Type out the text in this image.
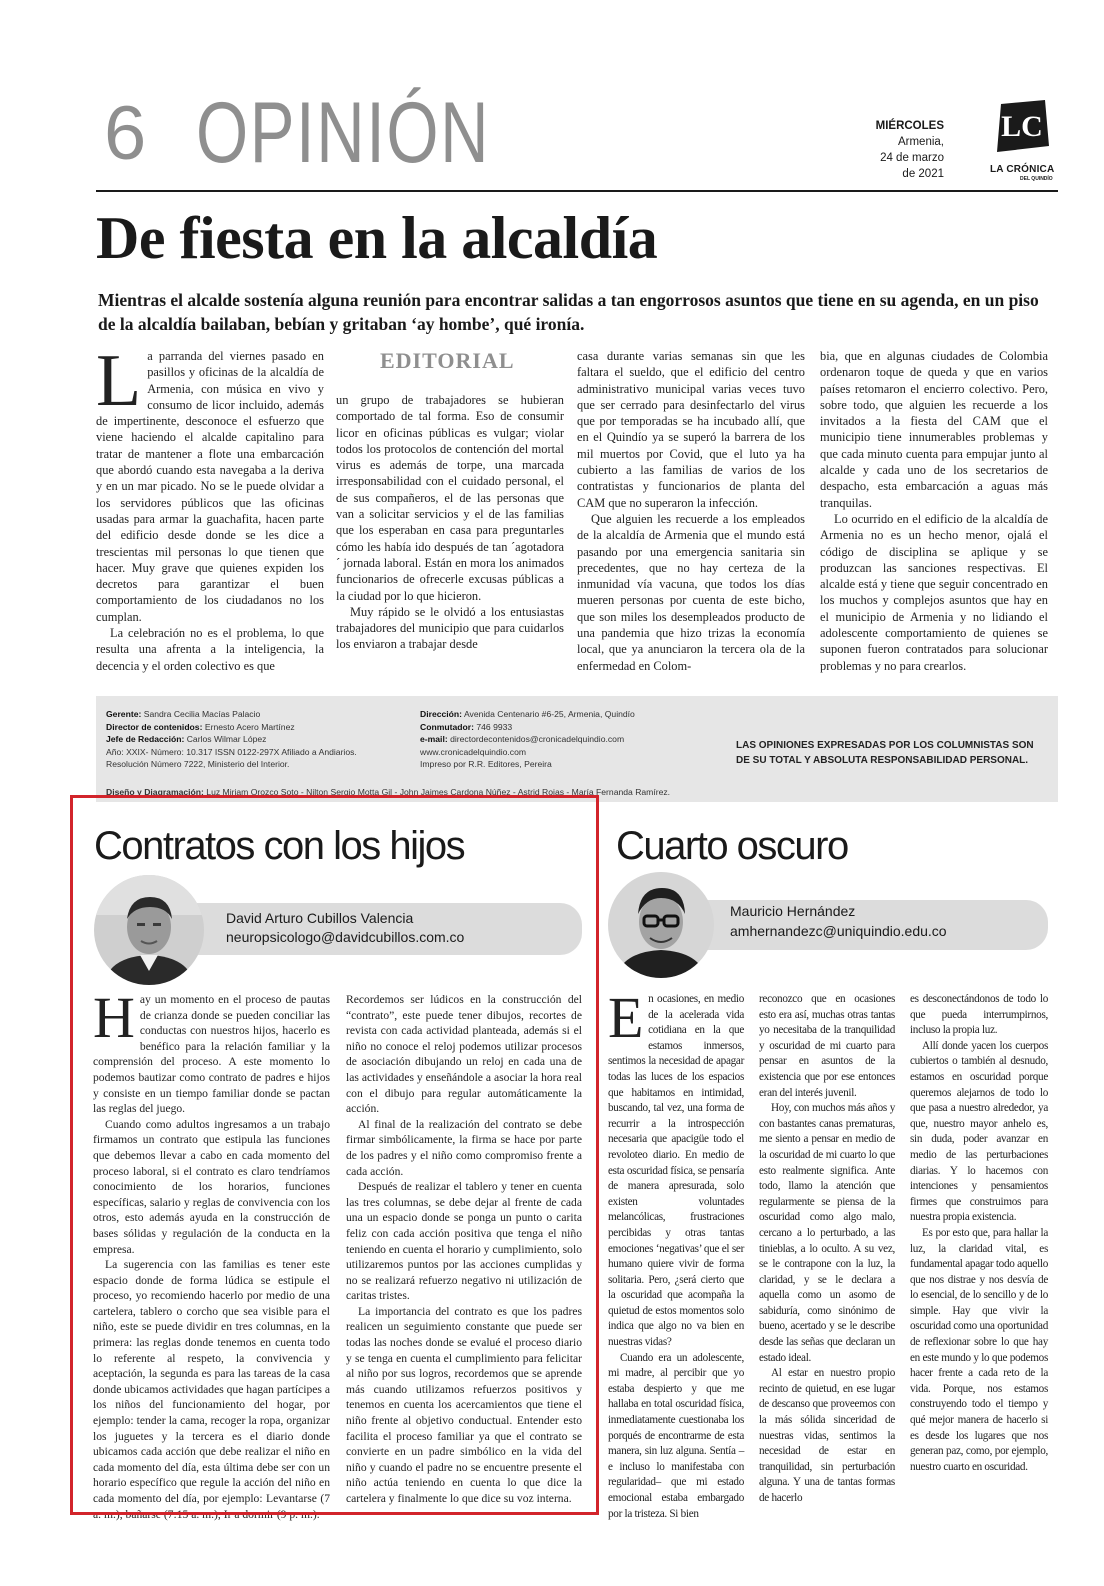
6 OPINIÓN	MIÉRCOLES
Armenia,
24 de marzo
de 2021
LC
LA CRÓNICA
DEL QUINDÍO
De fiesta en la alcaldía
Mientras el alcalde sostenía alguna reunión para encontrar salidas a tan engorrosos asuntos que tiene en su agenda, en un piso de la alcaldía bailaban, bebían y gritaban ‘ay hombe’, qué ironía.

La parranda del viernes pasado en pasillos y oficinas de la alcaldía de Armenia, con música en vivo y consumo de licor incluido, además de impertinente, desconoce el esfuerzo que viene haciendo el alcalde capitalino para tratar de mantener a flote una embarcación que abordó cuando esta navegaba a la deriva y en un mar picado. No se le puede olvidar a los servidores públicos que las oficinas usadas para armar la guachafita, hacen parte del edificio desde donde se les dice a trescientas mil personas lo que tienen que hacer. Muy grave que quienes expiden los decretos para garantizar el buen comportamiento de los ciudadanos no los cumplan.

La celebración no es el problema, lo que resulta una afrenta a la inteligencia, la decencia y el orden colectivo es que

EDITORIAL

un grupo de trabajadores se hubieran comportado de tal forma. Eso de consumir licor en oficinas públicas es vulgar; violar todos los protocolos de contención del mortal virus es además de torpe, una marcada irresponsabilidad con el cuidado personal, el de sus compañeros, el de las personas que van a solicitar servicios y el de las familias que los esperaban en casa para preguntarles cómo les había ido después de tan ´agotadora´ jornada laboral. Están en mora los animados funcionarios de ofrecerle excusas públicas a la ciudad por lo que hicieron.

Muy rápido se le olvidó a los entusiastas trabajadores del municipio que para cuidarlos los enviaron a trabajar desde

casa durante varias semanas sin que les faltara el sueldo, que el edificio del centro administrativo municipal varias veces tuvo que ser cerrado para desinfectarlo del virus que por temporadas se ha incubado allí, que en el Quindío ya se superó la barrera de los mil muertos por Covid, que el luto ya ha cubierto a las familias de varios de los contratistas y funcionarios de planta del CAM que no superaron la infección.

Que alguien les recuerde a los empleados de la alcaldía de Armenia que el mundo está pasando por una emergencia sanitaria sin precedentes, que no hay certeza de la inmunidad vía vacuna, que todos los días mueren personas por cuenta de este bicho, que son miles los desempleados producto de una pandemia que hizo trizas la economía local, que ya anunciaron la tercera ola de la enfermedad en Colom-

bia, que en algunas ciudades de Colombia ordenaron toque de queda y que en varios países retomaron el encierro colectivo. Pero, sobre todo, que alguien les recuerde a los invitados a la fiesta del CAM que el municipio tiene innumerables problemas y que cada minuto cuenta para empujar junto al alcalde y cada uno de los secretarios de despacho, esta embarcación a aguas más tranquilas.

Lo ocurrido en el edificio de la alcaldía de Armenia no es un hecho menor, ojalá el código de disciplina se aplique y se produzcan las sanciones respectivas. El alcalde está y tiene que seguir concentrado en los muchos y complejos asuntos que hay en el municipio de Armenia y no lidiando el adolescente comportamiento de quienes se suponen fueron contratados para solucionar problemas y no para crearlos.

Gerente: Sandra Cecilia Macías Palacio
Director de contenidos: Ernesto Acero Martínez
Jefe de Redacción: Carlos Wilmar López
Año: XXIX- Número: 10.317 ISSN 0122-297X Afiliado a Andiarios.
Resolución Número 7222, Ministerio del Interior.
Dirección: Avenida Centenario #6-25, Armenia, Quindío
Conmutador: 746 9933
e-mail: directordecontenidos@cronicadelquindio.com
www.cronicadelquindio.com
Impreso por R.R. Editores, Pereira
LAS OPINIONES EXPRESADAS POR LOS COLUMNISTAS SON DE SU TOTAL Y ABSOLUTA RESPONSABILIDAD PERSONAL.
Diseño y Diagramación: Luz Miriam Orozco Soto - Nilton Sergio Motta Gil - John Jaimes Cardona Núñez - Astrid Rojas - María Fernanda Ramírez.
Contratos con los hijos
David Arturo Cubillos Valencia
neuropsicologo@davidcubillos.com.co

Hay un momento en el proceso de pautas de crianza donde se pueden conciliar las conductas con nuestros hijos, hacerlo es benéfico para la relación familiar y la comprensión del proceso. A este momento lo podemos bautizar como contrato de padres e hijos y consiste en un tiempo familiar donde se pactan las reglas del juego.

Cuando como adultos ingresamos a un trabajo firmamos un contrato que estipula las funciones que debemos llevar a cabo en cada momento del proceso laboral, si el contrato es claro tendríamos conocimiento de los horarios, funciones específicas, salario y reglas de convivencia con los otros, esto además ayuda en la construcción de bases sólidas y regulación de la conducta en la empresa.

La sugerencia con las familias es tener este espacio donde de forma lúdica se estipule el proceso, yo recomiendo hacerlo por medio de una cartelera, tablero o corcho que sea visible para el niño, este se puede dividir en tres columnas, en la primera: las reglas donde tenemos en cuenta todo lo referente al respeto, la convivencia y aceptación, la segunda es para las tareas de la casa donde ubicamos actividades que hagan partícipes a los niños del funcionamiento del hogar, por ejemplo: tender la cama, recoger la ropa, organizar los juguetes y la tercera es el diario donde ubicamos cada acción que debe realizar el niño en cada momento del día, esta última debe ser con un horario específico que regule la acción del niño en cada momento del día, por ejemplo: Levantarse (7 a. m.), bañarse (7:15 a. m.), Ir a dormir (9 p. m.).

Recordemos ser lúdicos en la construcción del “contrato”, este puede tener dibujos, recortes de revista con cada actividad planteada, además si el niño no conoce el reloj podemos utilizar procesos de asociación dibujando un reloj en cada una de las actividades y enseñándole a asociar la hora real con el dibujo para regular automáticamente la acción.

Al final de la realización del contrato se debe firmar simbólicamente, la firma se hace por parte de los padres y el niño como compromiso frente a cada acción.

Después de realizar el tablero y tener en cuenta las tres columnas, se debe dejar al frente de cada una un espacio donde se ponga un punto o carita feliz con cada acción positiva que tenga el niño teniendo en cuenta el horario y cumplimiento, solo utilizaremos puntos por las acciones cumplidas y no se realizará refuerzo negativo ni utilización de caritas tristes.

La importancia del contrato es que los padres realicen un seguimiento constante que puede ser todas las noches donde se evalué el proceso diario y se tenga en cuenta el cumplimiento para felicitar al niño por sus logros, recordemos que se aprende más cuando utilizamos refuerzos positivos y tenemos en cuenta los acercamientos que tiene el niño frente al objetivo conductual. Entender esto facilita el proceso familiar ya que el contrato se convierte en un padre simbólico en la vida del niño y cuando el padre no se encuentre presente el niño actúa teniendo en cuenta lo que dice la cartelera y finalmente lo que dice su voz interna.

Cuarto oscuro
Mauricio Hernández
amhernandezc@uniquindio.edu.co

En ocasiones, en medio de la acelerada vida cotidiana en la que estamos inmersos, sentimos la necesidad de apagar todas las luces de los espacios que habitamos en intimidad, buscando, tal vez, una forma de recurrir a la introspección necesaria que apacigüe todo el revoloteo diario. En medio de esta oscuridad física, se pensaría de manera apresurada, solo existen voluntades melancólicas, frustraciones percibidas y otras tantas emociones ‘negativas’ que el ser humano quiere vivir de forma solitaria. Pero, ¿será cierto que la oscuridad que acompaña la quietud de estos momentos solo indica que algo no va bien en nuestras vidas?

Cuando era un adolescente, mi madre, al percibir que yo estaba despierto y que me hallaba en total oscuridad física, inmediatamente cuestionaba los porqués de encontrarme de esta manera, sin luz alguna. Sentía –e incluso lo manifestaba con regularidad– que mi estado emocional estaba embargado por la tristeza. Si bien

reconozco que en ocasiones esto era así, muchas otras tantas yo necesitaba de la tranquilidad y oscuridad de mi cuarto para pensar en asuntos de la existencia que por ese entonces eran del interés juvenil.

Hoy, con muchos más años y con bastantes canas prematuras, me siento a pensar en medio de la oscuridad de mi cuarto lo que esto realmente significa. Ante todo, llamo la atención que regularmente se piensa de la oscuridad como algo malo, cercano a lo perturbado, a las tinieblas, a lo oculto. A su vez, se le contrapone con la luz, la claridad, y se le declara a aquella como un asomo de sabiduría, como sinónimo de bueno, acertado y se le describe desde las señas que declaran un estado ideal.

Al estar en nuestro propio recinto de quietud, en ese lugar de descanso que proveemos con la más sólida sinceridad de nuestras vidas, sentimos la necesidad de estar en tranquilidad, sin perturbación alguna. Y una de tantas formas de hacerlo

es desconectándonos de todo lo que pueda interrumpirnos, incluso la propia luz.

Allí donde yacen los cuerpos cubiertos o también al desnudo, estamos en oscuridad porque queremos alejarnos de todo lo que pasa a nuestro alrededor, ya que, nuestro mayor anhelo es, sin duda, poder avanzar en medio de las perturbaciones diarias. Y lo hacemos con intenciones y pensamientos firmes que construimos para nuestra propia existencia.

Es por esto que, para hallar la luz, la claridad vital, es fundamental apagar todo aquello que nos distrae y nos desvía de lo esencial, de lo sencillo y de lo simple. Hay que vivir la oscuridad como una oportunidad de reflexionar sobre lo que hay en este mundo y lo que podemos hacer frente a cada reto de la vida. Porque, nos estamos construyendo todo el tiempo y qué mejor manera de hacerlo si es desde los lugares que nos generan paz, como, por ejemplo, nuestro cuarto en oscuridad.
